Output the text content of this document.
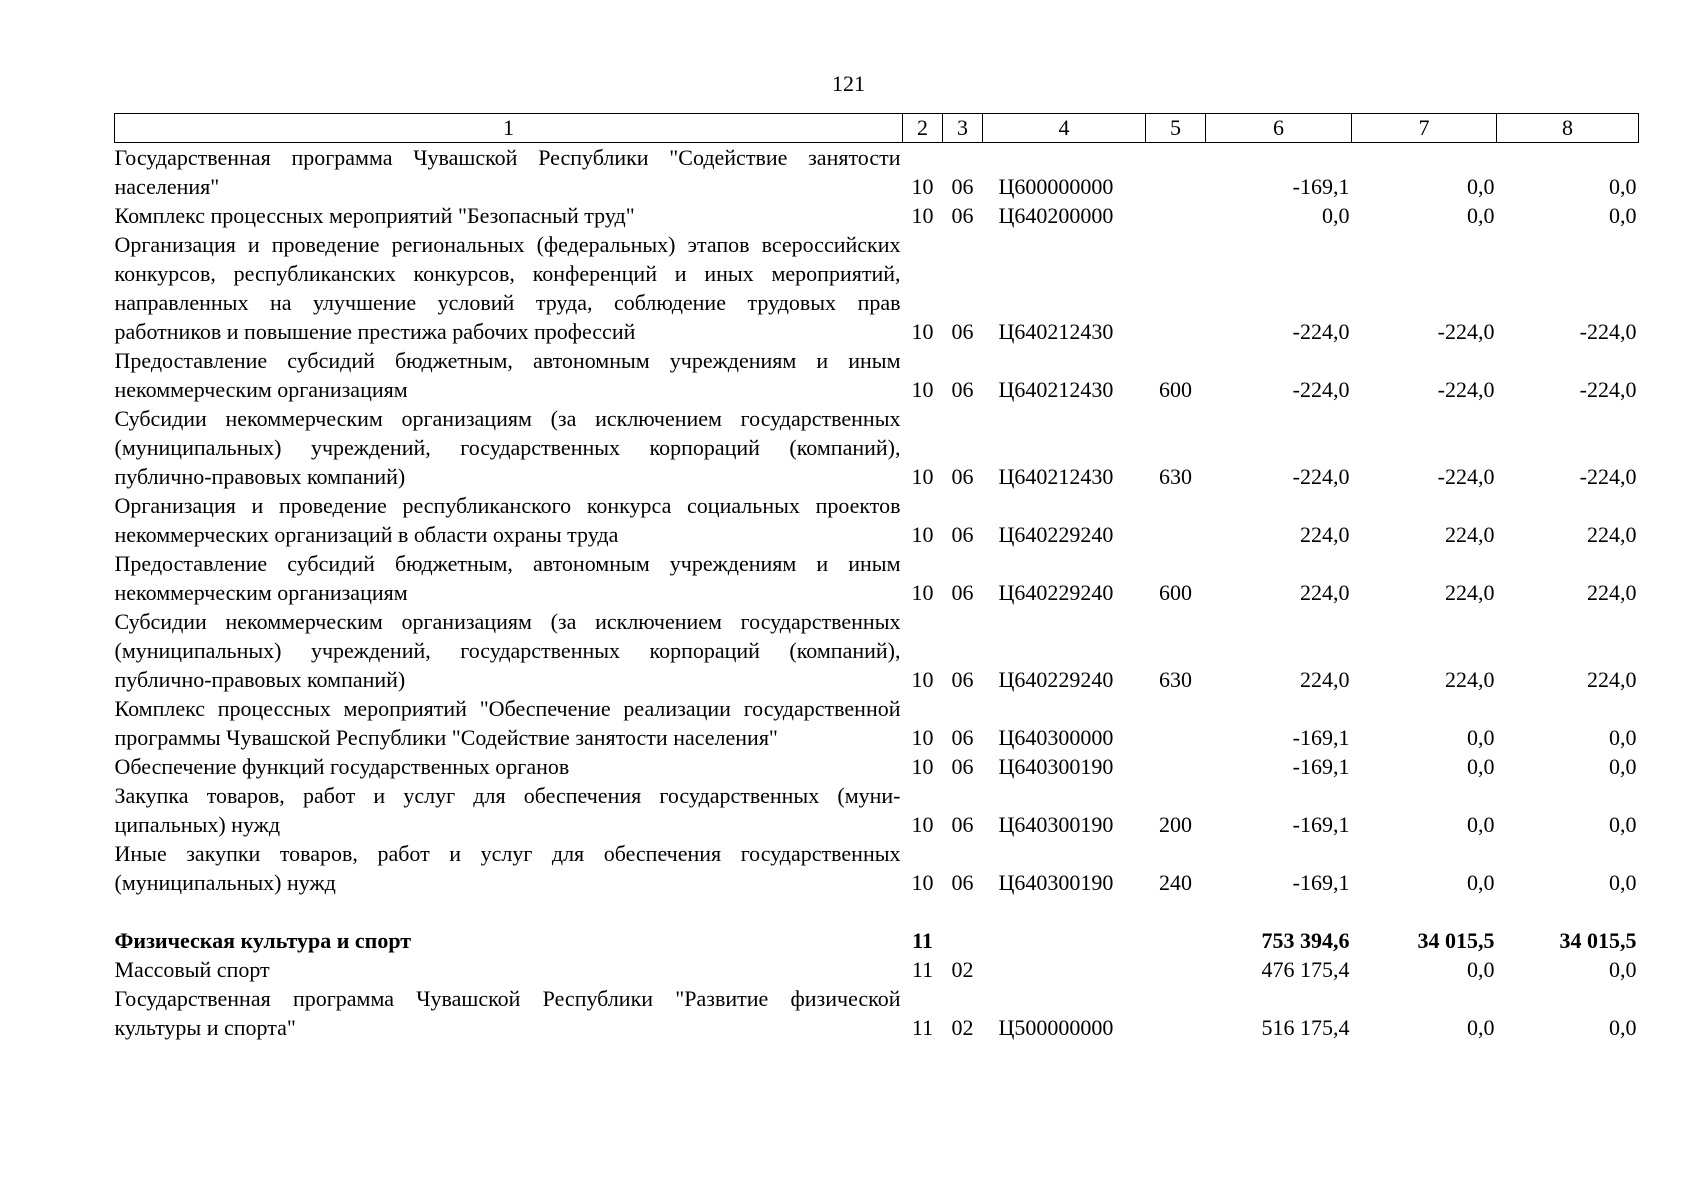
121
1	2	3	4	5	6	7	8
Государственная программа Чувашской Республики "Содействие занятости населения"	10	06	Ц600000000		-169,1	0,0	0,0
Комплекс процессных мероприятий "Безопасный труд"	10	06	Ц640200000		0,0	0,0	0,0
Организация и проведение региональных (федеральных) этапов всероссийских конкурсов, республиканских конкурсов, конференций и иных мероприятий, направленных на улучшение условий труда, соблюдение трудовых прав работников и повышение престижа рабочих профессий	10	06	Ц640212430		-224,0	-224,0	-224,0
Предоставление субсидий бюджетным, автономным учреждениям и иным некоммерческим организациям	10	06	Ц640212430	600	-224,0	-224,0	-224,0
Субсидии некоммерческим организациям (за исключением государственных (муниципальных) учреждений, государственных корпораций (компаний), публично-правовых компаний)	10	06	Ц640212430	630	-224,0	-224,0	-224,0
Организация и проведение республиканского конкурса социальных проектов некоммерческих организаций в области охраны труда	10	06	Ц640229240		224,0	224,0	224,0
Предоставление субсидий бюджетным, автономным учреждениям и иным некоммерческим организациям	10	06	Ц640229240	600	224,0	224,0	224,0
Субсидии некоммерческим организациям (за исключением государственных (муниципальных) учреждений, государственных корпораций (компаний), публично-правовых компаний)	10	06	Ц640229240	630	224,0	224,0	224,0
Комплекс процессных мероприятий "Обеспечение реализации государственной программы Чувашской Республики "Содействие занятости населения"	10	06	Ц640300000		-169,1	0,0	0,0
Обеспечение функций государственных органов	10	06	Ц640300190		-169,1	0,0	0,0
Закупка товаров, работ и услуг для обеспечения государственных (муниципальных) нужд	10	06	Ц640300190	200	-169,1	0,0	0,0
Иные закупки товаров, работ и услуг для обеспечения государственных (муниципальных) нужд	10	06	Ц640300190	240	-169,1	0,0	0,0
Физическая культура и спорт	11				753 394,6	34 015,5	34 015,5
Массовый спорт	11	02			476 175,4	0,0	0,0
Государственная программа Чувашской Республики "Развитие физической культуры и спорта"	11	02	Ц500000000		516 175,4	0,0	0,0
